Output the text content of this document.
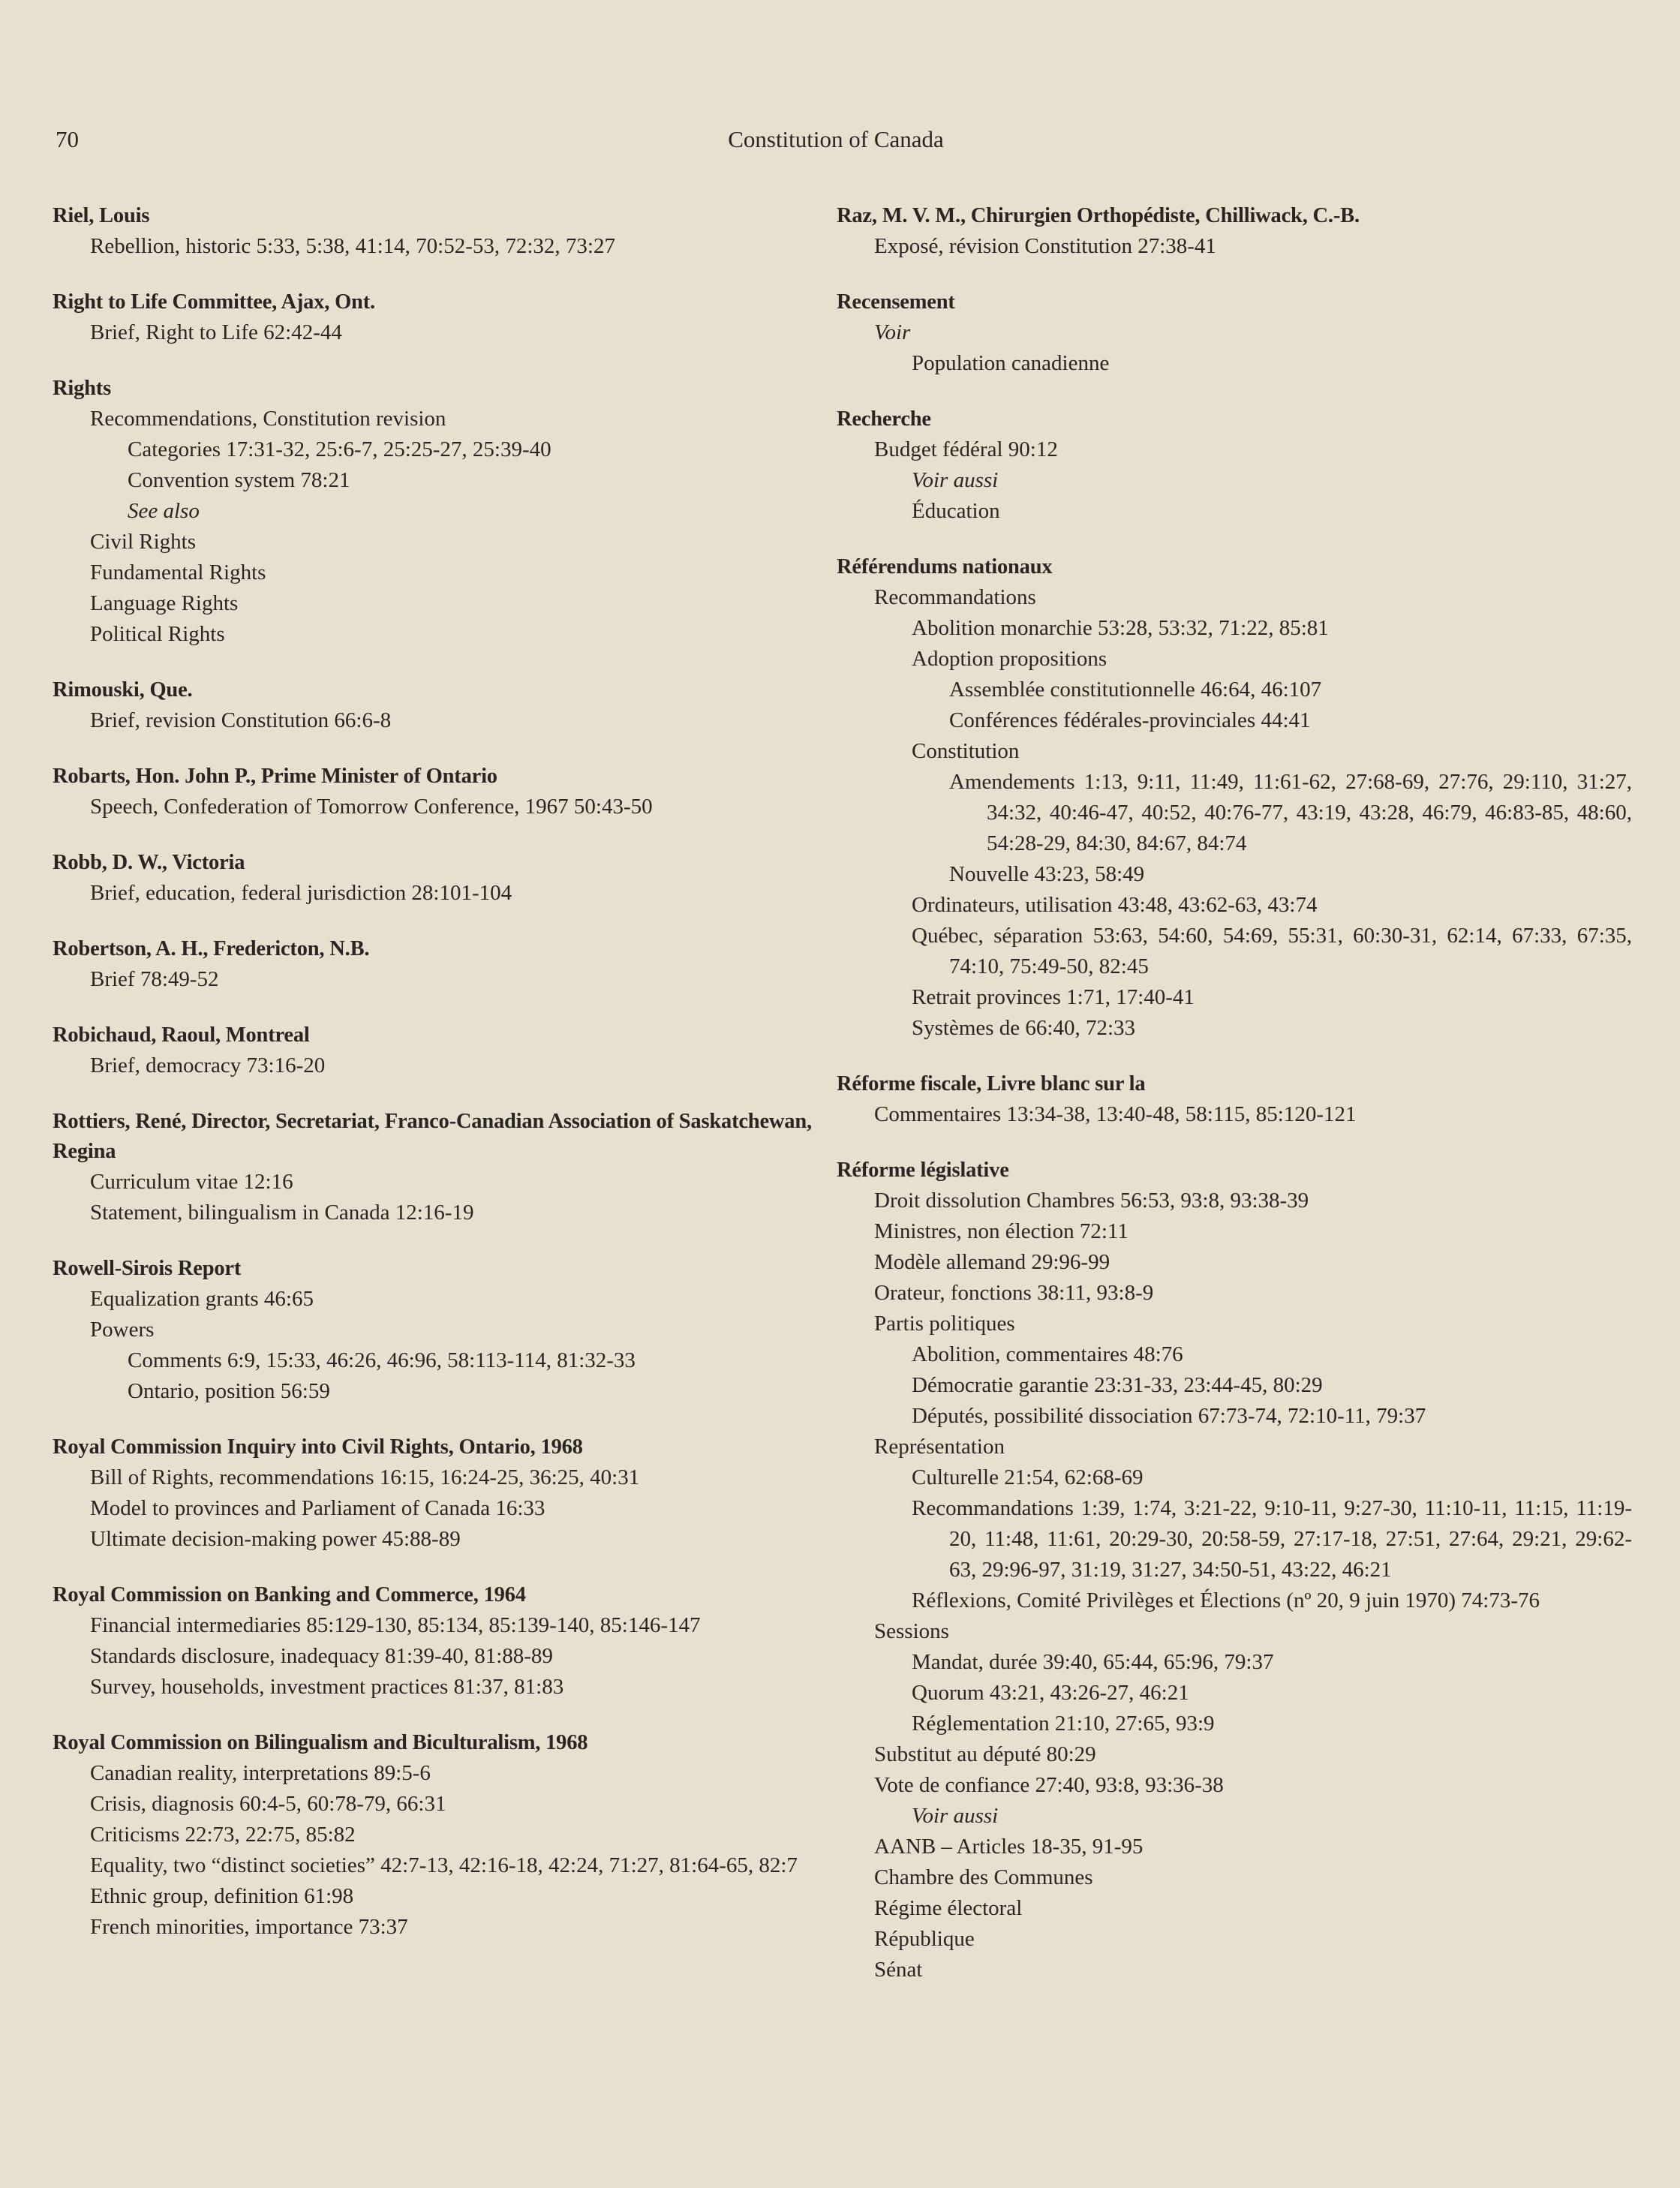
70	Constitution of Canada
Riel, Louis
Rebellion, historic 5:33, 5:38, 41:14, 70:52-53, 72:32, 73:27
Right to Life Committee, Ajax, Ont.
Brief, Right to Life 62:42-44
Rights
Recommendations, Constitution revision
Categories 17:31-32, 25:6-7, 25:25-27, 25:39-40
Convention system 78:21
See also
Civil Rights
Fundamental Rights
Language Rights
Political Rights
Rimouski, Que.
Brief, revision Constitution 66:6-8
Robarts, Hon. John P., Prime Minister of Ontario
Speech, Confederation of Tomorrow Conference, 1967 50:43-50
Robb, D. W., Victoria
Brief, education, federal jurisdiction 28:101-104
Robertson, A. H., Fredericton, N.B.
Brief 78:49-52
Robichaud, Raoul, Montreal
Brief, democracy 73:16-20
Rottiers, René, Director, Secretariat, Franco-Canadian Association of Saskatchewan, Regina
Curriculum vitae 12:16
Statement, bilingualism in Canada 12:16-19
Rowell-Sirois Report
Equalization grants 46:65
Powers
Comments 6:9, 15:33, 46:26, 46:96, 58:113-114, 81:32-33
Ontario, position 56:59
Royal Commission Inquiry into Civil Rights, Ontario, 1968
Bill of Rights, recommendations 16:15, 16:24-25, 36:25, 40:31
Model to provinces and Parliament of Canada 16:33
Ultimate decision-making power 45:88-89
Royal Commission on Banking and Commerce, 1964
Financial intermediaries 85:129-130, 85:134, 85:139-140, 85:146-147
Standards disclosure, inadequacy 81:39-40, 81:88-89
Survey, households, investment practices 81:37, 81:83
Royal Commission on Bilingualism and Biculturalism, 1968
Canadian reality, interpretations 89:5-6
Crisis, diagnosis 60:4-5, 60:78-79, 66:31
Criticisms 22:73, 22:75, 85:82
Equality, two “distinct societies” 42:7-13, 42:16-18, 42:24, 71:27, 81:64-65, 82:7
Ethnic group, definition 61:98
French minorities, importance 73:37
Raz, M. V. M., Chirurgien Orthopédiste, Chilliwack, C.-B.
Exposé, révision Constitution 27:38-41
Recensement
Voir
Population canadienne
Recherche
Budget fédéral 90:12
Voir aussi
Éducation
Référendums nationaux
Recommandations
Abolition monarchie 53:28, 53:32, 71:22, 85:81
Adoption propositions
Assemblée constitutionnelle 46:64, 46:107
Conférences fédérales-provinciales 44:41
Constitution
Amendements 1:13, 9:11, 11:49, 11:61-62, 27:68-69, 27:76, 29:110, 31:27, 34:32, 40:46-47, 40:52, 40:76-77, 43:19, 43:28, 46:79, 46:83-85, 48:60, 54:28-29, 84:30, 84:67, 84:74
Nouvelle 43:23, 58:49
Ordinateurs, utilisation 43:48, 43:62-63, 43:74
Québec, séparation 53:63, 54:60, 54:69, 55:31, 60:30-31, 62:14, 67:33, 67:35, 74:10, 75:49-50, 82:45
Retrait provinces 1:71, 17:40-41
Systèmes de 66:40, 72:33
Réforme fiscale, Livre blanc sur la
Commentaires 13:34-38, 13:40-48, 58:115, 85:120-121
Réforme législative
Droit dissolution Chambres 56:53, 93:8, 93:38-39
Ministres, non élection 72:11
Modèle allemand 29:96-99
Orateur, fonctions 38:11, 93:8-9
Partis politiques
Abolition, commentaires 48:76
Démocratie garantie 23:31-33, 23:44-45, 80:29
Députés, possibilité dissociation 67:73-74, 72:10-11, 79:37
Représentation
Culturelle 21:54, 62:68-69
Recommandations 1:39, 1:74, 3:21-22, 9:10-11, 9:27-30, 11:10-11, 11:15, 11:19-20, 11:48, 11:61, 20:29-30, 20:58-59, 27:17-18, 27:51, 27:64, 29:21, 29:62-63, 29:96-97, 31:19, 31:27, 34:50-51, 43:22, 46:21
Réflexions, Comité Privilèges et Élections (nº 20, 9 juin 1970) 74:73-76
Sessions
Mandat, durée 39:40, 65:44, 65:96, 79:37
Quorum 43:21, 43:26-27, 46:21
Réglementation 21:10, 27:65, 93:9
Substitut au député 80:29
Vote de confiance 27:40, 93:8, 93:36-38
Voir aussi
AANB – Articles 18-35, 91-95
Chambre des Communes
Régime électoral
République
Sénat
